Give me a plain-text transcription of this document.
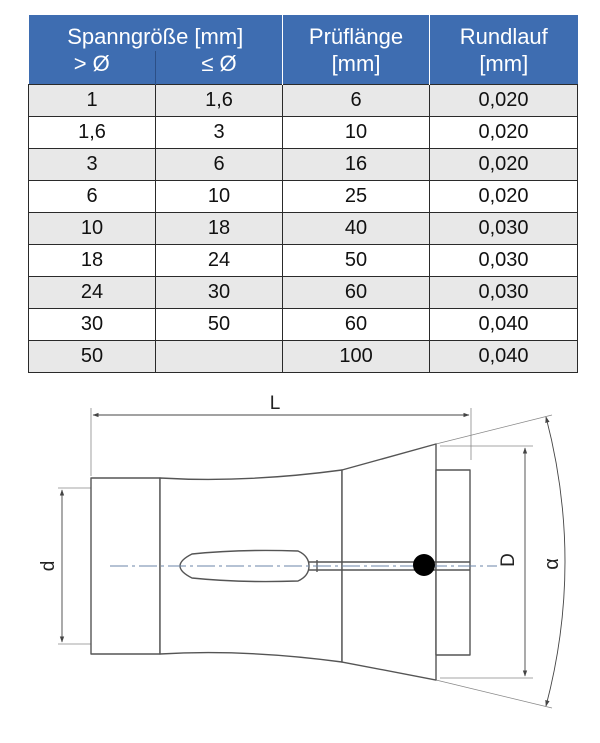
Spanngröße [mm]		Prüflänge	Rundlauf
> Ø	≤ Ø	[mm]	[mm]
1	1,6	6	0,020
1,6	3	10	0,020
3	6	16	0,020
6	10	25	0,020
10	18	40	0,030
18	24	50	0,030
24	30	60	0,030
30	50	60	0,040
50		100	0,040
L
d	D α
